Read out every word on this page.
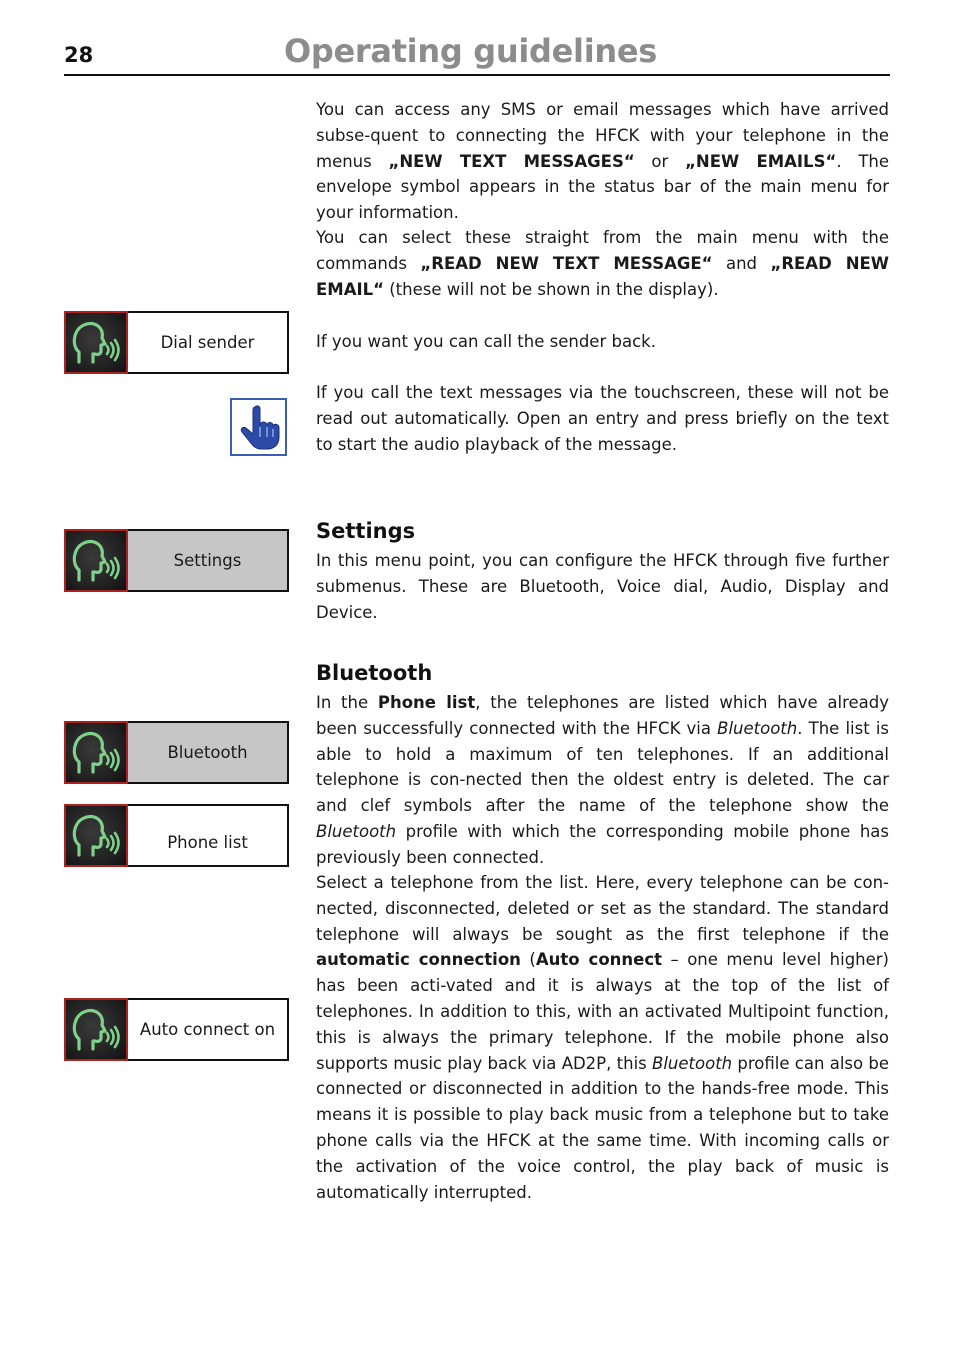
28	Operating guidelines

You can access any SMS or email messages which have arrived subse-quent to connecting the HFCK with your telephone in the menus „NEW TEXT MESSAGES“ or „NEW EMAILS“. The envelope symbol appears in the status bar of the main menu for your information.

You can select these straight from the main menu with the commands „READ NEW TEXT MESSAGE“ and „READ NEW EMAIL“ (these will not be shown in the display).

If you want you can call the sender back.

If you call the text messages via the touchscreen, these will not be read out automatically. Open an entry and press briefly on the text to start the audio playback of the message.

Settings

In this menu point, you can configure the HFCK through five further submenus. These are Bluetooth, Voice dial, Audio, Display and Device.

Bluetooth

In the Phone list, the telephones are listed which have already been successfully connected with the HFCK via Bluetooth. The list is able to hold a maximum of ten telephones. If an additional telephone is con-nected then the oldest entry is deleted. The car and clef symbols after the name of the telephone show the Bluetooth profile with which the corresponding mobile phone has previously been connected.

Select a telephone from the list. Here, every telephone can be con-nected, disconnected, deleted or set as the standard. The standard telephone will always be sought as the first telephone if the automatic connection (Auto connect – one menu level higher) has been acti-vated and it is always at the top of the list of telephones. In addition to this, with an activated Multipoint function, this is always the primary telephone. If the mobile phone also supports music play back via AD2P, this Bluetooth profile can also be connected or disconnected in addition to the hands-free mode. This means it is possible to play back music from a telephone but to take phone calls via the HFCK at the same time. With incoming calls or the activation of the voice control, the play back of music is automatically interrupted.

Dial sender
Settings
Bluetooth
Phone list
Auto connect on
